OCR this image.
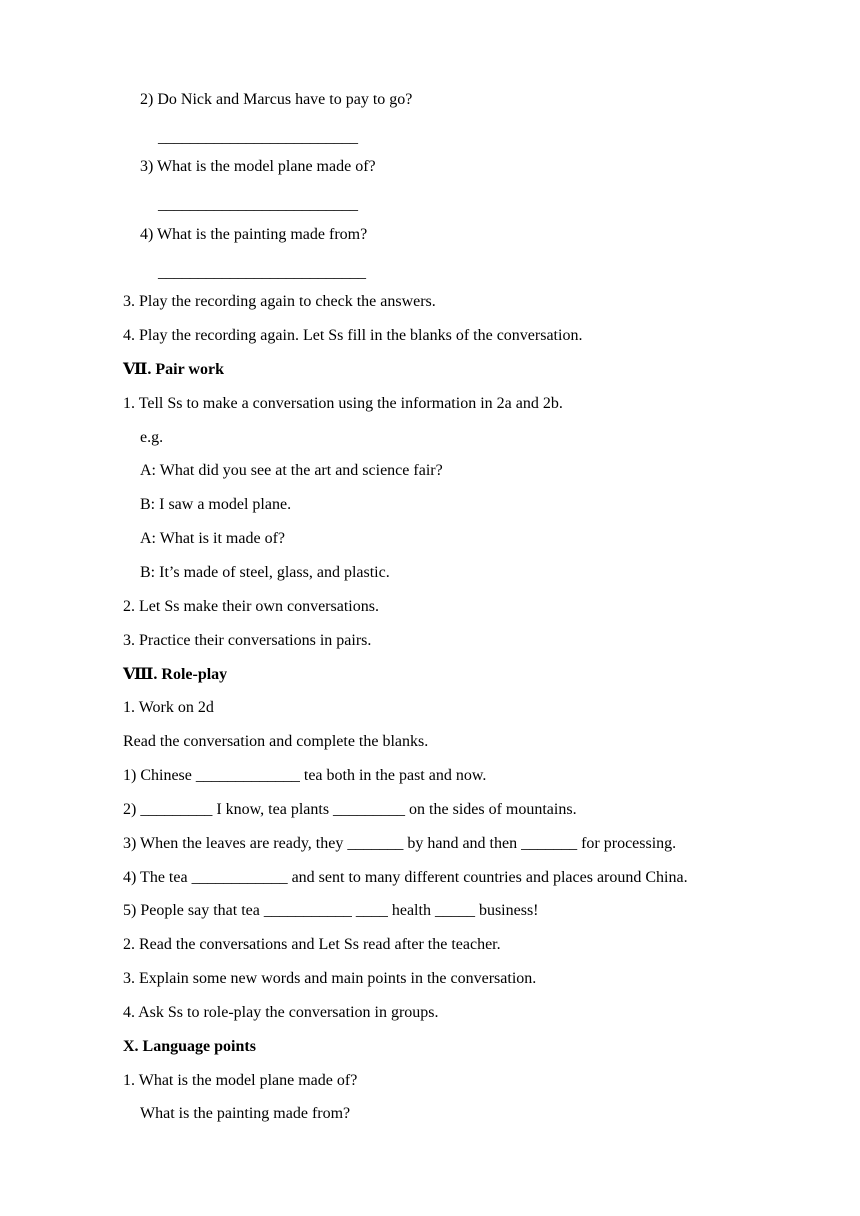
2) Do Nick and Marcus have to pay to go?
_________________________
3) What is the model plane made of?
_________________________
4) What is the painting made from?
__________________________
3. Play the recording again to check the answers.
4. Play the recording again. Let Ss fill in the blanks of the conversation.
Ⅶ. Pair work
1. Tell Ss to make a conversation using the information in 2a and 2b.
e.g.
A: What did you see at the art and science fair?
B: I saw a model plane.
A: What is it made of?
B: It’s made of steel, glass, and plastic.
2. Let Ss make their own conversations.
3. Practice their conversations in pairs.
Ⅷ. Role-play
1. Work on 2d
Read the conversation and complete the blanks.
1) Chinese _____________ tea both in the past and now.
2) _________ I know, tea plants _________ on the sides of mountains.
3) When the leaves are ready, they _______ by hand and then _______ for processing.
4) The tea ____________ and sent to many different countries and places around China.
5) People say that tea ___________ ____ health _____ business!
2. Read the conversations and Let Ss read after the teacher.
3. Explain some new words and main points in the conversation.
4. Ask Ss to role-play the conversation in groups.
X. Language points
1. What is the model plane made of?
What is the painting made from?
